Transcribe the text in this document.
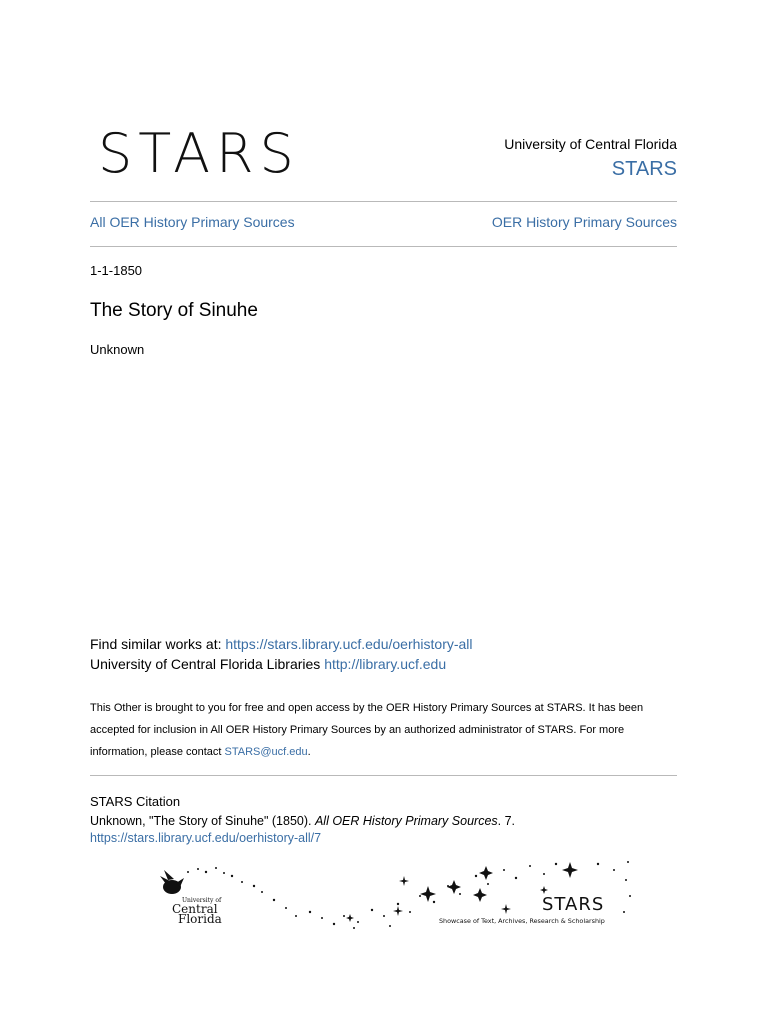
STARS	University of Central Florida
STARS
All OER History Primary Sources	OER History Primary Sources
1-1-1850
The Story of Sinuhe
Unknown
Find similar works at: https://stars.library.ucf.edu/oerhistory-all
University of Central Florida Libraries http://library.ucf.edu
This Other is brought to you for free and open access by the OER History Primary Sources at STARS. It has been accepted for inclusion in All OER History Primary Sources by an authorized administrator of STARS. For more information, please contact STARS@ucf.edu.
STARS Citation
Unknown, "The Story of Sinuhe" (1850). All OER History Primary Sources. 7.
https://stars.library.ucf.edu/oerhistory-all/7
University of
Central
Florida
STARS
Showcase of Text, Archives, Research & Scholarship
